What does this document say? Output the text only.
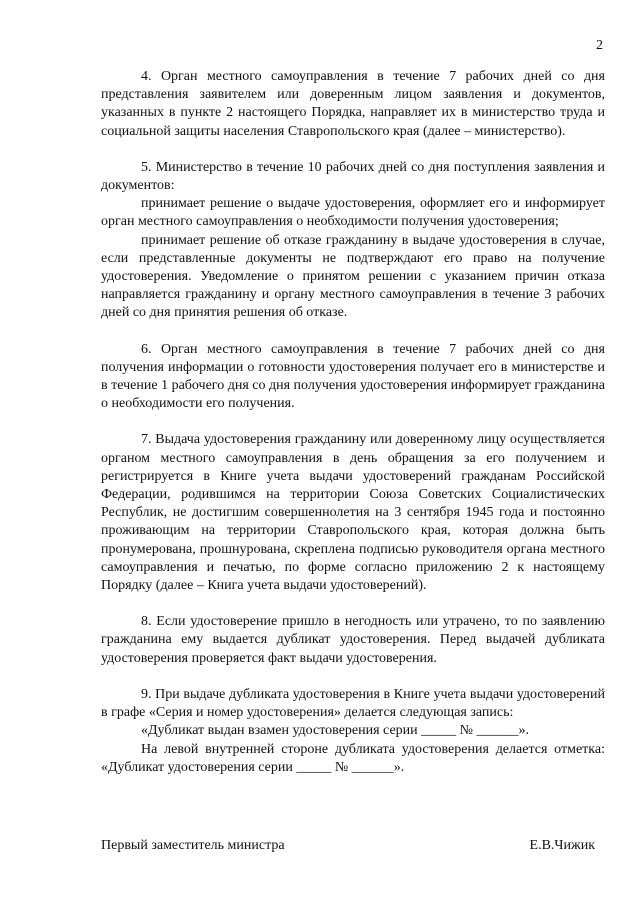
2

4. Орган местного самоуправления в течение 7 рабочих дней со дня представления заявителем или доверенным лицом заявления и документов, указанных в пункте 2 настоящего Порядка, направляет их в министерство труда и социальной защиты населения Ставропольского края (далее – министерство).

5. Министерство в течение 10 рабочих дней со дня поступления заявления и документов:

принимает решение о выдаче удостоверения, оформляет его и информирует орган местного самоуправления о необходимости получения удостоверения;

принимает решение об отказе гражданину в выдаче удостоверения в случае, если представленные документы не подтверждают его право на получение удостоверения. Уведомление о принятом решении с указанием причин отказа направляется гражданину и органу местного самоуправления в течение 3 рабочих дней со дня принятия решения об отказе.

6. Орган местного самоуправления в течение 7 рабочих дней со дня получения информации о готовности удостоверения получает его в министерстве и в течение 1 рабочего дня со дня получения удостоверения информирует гражданина о необходимости его получения.

7. Выдача удостоверения гражданину или доверенному лицу осуществляется органом местного самоуправления в день обращения за его получением и регистрируется в Книге учета выдачи удостоверений гражданам Российской Федерации, родившимся на территории Союза Советских Социалистических Республик, не достигшим совершеннолетия на 3 сентября 1945 года и постоянно проживающим на территории Ставропольского края, которая должна быть пронумерована, прошнурована, скреплена подписью руководителя органа местного самоуправления и печатью, по форме согласно приложению 2 к настоящему Порядку (далее – Книга учета выдачи удостоверений).

8. Если удостоверение пришло в негодность или утрачено, то по заявлению гражданина ему выдается дубликат удостоверения. Перед выдачей дубликата удостоверения проверяется факт выдачи удостоверения.

9. При выдаче дубликата удостоверения в Книге учета выдачи удостоверений в графе «Серия и номер удостоверения» делается следующая запись:

«Дубликат выдан взамен удостоверения серии _____ № ______».

На левой внутренней стороне дубликата удостоверения делается отметка: «Дубликат удостоверения серии _____ № ______».

Первый заместитель министра	Е.В.Чижик
